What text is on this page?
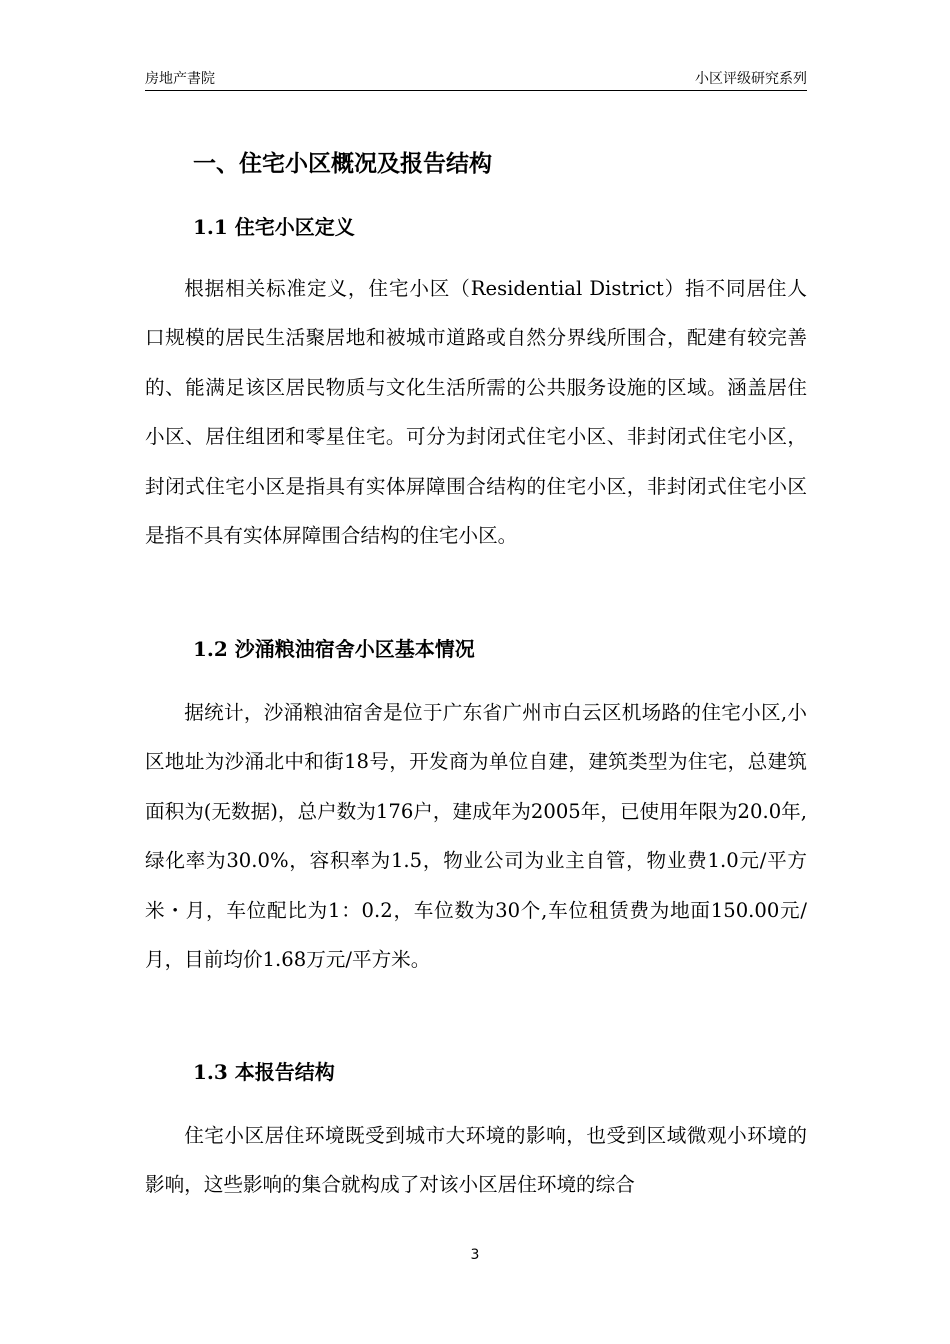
房地产書院	小区评级研究系列
一、住宅小区概况及报告结构
1.1 住宅小区定义

根据相关标准定义，住宅小区（Residential District）指不同居住人口规模的居民生活聚居地和被城市道路或自然分界线所围合，配建有较完善的、能满足该区居民物质与文化生活所需的公共服务设施的区域。涵盖居住小区、居住组团和零星住宅。可分为封闭式住宅小区、非封闭式住宅小区，封闭式住宅小区是指具有实体屏障围合结构的住宅小区，非封闭式住宅小区是指不具有实体屏障围合结构的住宅小区。

1.2 沙涌粮油宿舍小区基本情况

据统计，沙涌粮油宿舍是位于广东省广州市白云区机场路的住宅小区,小区地址为沙涌北中和街18号，开发商为单位自建，建筑类型为住宅，总建筑面积为(无数据)，总户数为176户，建成年为2005年，已使用年限为20.0年,绿化率为30.0%，容积率为1.5，物业公司为业主自管，物业费1.0元/平方米・月，车位配比为1：0.2，车位数为30个,车位租赁费为地面150.00元/月，目前均价1.68万元/平方米。

1.3 本报告结构

住宅小区居住环境既受到城市大环境的影响，也受到区域微观小环境的影响，这些影响的集合就构成了对该小区居住环境的综合

3
